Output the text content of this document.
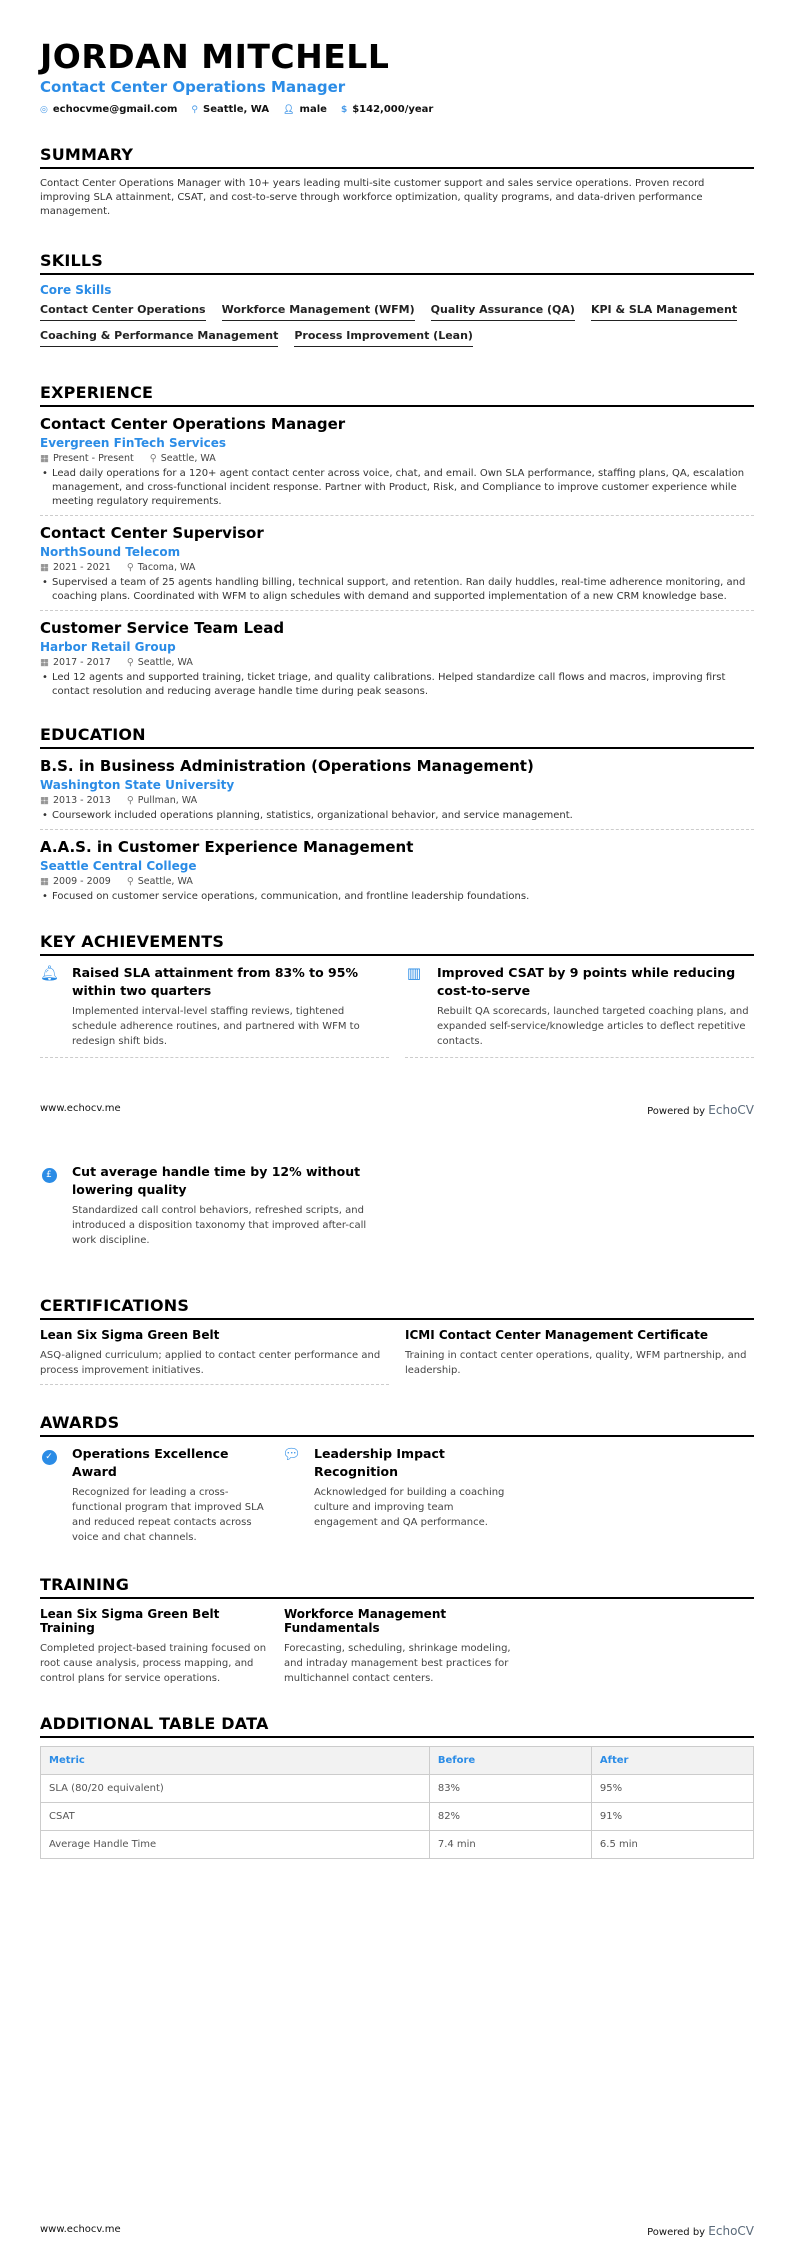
JORDAN MITCHELL
Contact Center Operations Manager
◎ echocvme@gmail.com ⚲ Seattle, WA 👤︎ male $ $142,000/year
SUMMARY
Contact Center Operations Manager with 10+ years leading multi-site customer support and sales service operations. Proven record improving SLA attainment, CSAT, and cost-to-serve through workforce optimization, quality programs, and data-driven performance management.
SKILLS
Core Skills
Contact Center Operations Workforce Management (WFM) Quality Assurance (QA) KPI & SLA Management
Coaching & Performance Management Process Improvement (Lean)
EXPERIENCE
Contact Center Operations Manager
Evergreen FinTech Services
▦ Present - Present ⚲ Seattle, WA
• Lead daily operations for a 120+ agent contact center across voice, chat, and email. Own SLA performance, staffing plans, QA, escalation management, and cross-functional incident response. Partner with Product, Risk, and Compliance to improve customer experience while meeting regulatory requirements.
Contact Center Supervisor
NorthSound Telecom
▦ 2021 - 2021 ⚲ Tacoma, WA
• Supervised a team of 25 agents handling billing, technical support, and retention. Ran daily huddles, real-time adherence monitoring, and coaching plans. Coordinated with WFM to align schedules with demand and supported implementation of a new CRM knowledge base.
Customer Service Team Lead
Harbor Retail Group
▦ 2017 - 2017 ⚲ Seattle, WA
• Led 12 agents and supported training, ticket triage, and quality calibrations. Helped standardize call flows and macros, improving first contact resolution and reducing average handle time during peak seasons.
EDUCATION
B.S. in Business Administration (Operations Management)
Washington State University
▦ 2013 - 2013 ⚲ Pullman, WA
• Coursework included operations planning, statistics, organizational behavior, and service management.
A.A.S. in Customer Experience Management
Seattle Central College
▦ 2009 - 2009 ⚲ Seattle, WA
• Focused on customer service operations, communication, and frontline leadership foundations.
KEY ACHIEVEMENTS
🔔︎ Raised SLA attainment from 83% to 95% within two quarters

Implemented interval-level staffing reviews, tightened schedule adherence routines, and partnered with WFM to redesign shift bids.

▥ Improved CSAT by 9 points while reducing cost-to-serve

Rebuilt QA scorecards, launched targeted coaching plans, and expanded self-service/knowledge articles to deflect repetitive contacts.

www.echocv.me	Powered by EchoCV
£	Cut average handle time by 12% without lowering quality

Standardized call control behaviors, refreshed scripts, and introduced a disposition taxonomy that improved after-call work discipline.

CERTIFICATIONS
Lean Six Sigma Green Belt

ASQ-aligned curriculum; applied to contact center performance and process improvement initiatives.

ICMI Contact Center Management Certificate

Training in contact center operations, quality, WFM partnership, and leadership.

AWARDS
✓	Operations Excellence Award

Recognized for leading a cross-functional program that improved SLA and reduced repeat contacts across voice and chat channels.

💬︎ Leadership Impact Recognition

Acknowledged for building a coaching culture and improving team engagement and QA performance.

TRAINING
Lean Six Sigma Green Belt Training

Completed project-based training focused on root cause analysis, process mapping, and control plans for service operations.

Workforce Management Fundamentals

Forecasting, scheduling, shrinkage modeling, and intraday management best practices for multichannel contact centers.

ADDITIONAL TABLE DATA
Metric	Before	After
SLA (80/20 equivalent)	83%	95%
CSAT	82%	91%
Average Handle Time	7.4 min	6.5 min
www.echocv.me	Powered by EchoCV
